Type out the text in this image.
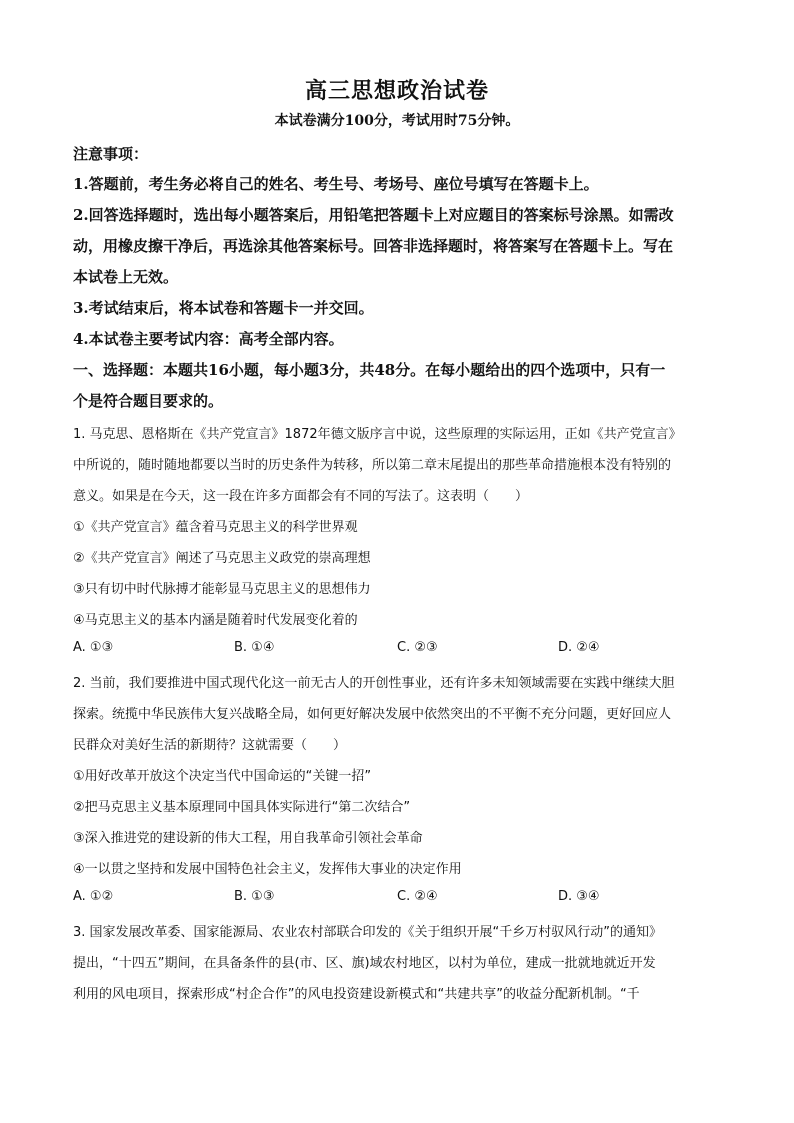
高三思想政治试卷
本试卷满分100分，考试用时75分钟。
注意事项：
1.答题前，考生务必将自己的姓名、考生号、考场号、座位号填写在答题卡上。
2.回答选择题时，选出每小题答案后，用铅笔把答题卡上对应题目的答案标号涂黑。如需改
动，用橡皮擦干净后，再选涂其他答案标号。回答非选择题时，将答案写在答题卡上。写在
本试卷上无效。
3.考试结束后，将本试卷和答题卡一并交回。
4.本试卷主要考试内容：高考全部内容。
一、选择题：本题共16小题，每小题3分，共48分。在每小题给出的四个选项中，只有一
个是符合题目要求的。
1. 马克思、恩格斯在《共产党宣言》1872年德文版序言中说，这些原理的实际运用，正如《共产党宣言》
中所说的，随时随地都要以当时的历史条件为转移，所以第二章末尾提出的那些革命措施根本没有特别的
意义。如果是在今天，这一段在许多方面都会有不同的写法了。这表明（　　）
①《共产党宣言》蕴含着马克思主义的科学世界观
②《共产党宣言》阐述了马克思主义政党的崇高理想
③只有切中时代脉搏才能彰显马克思主义的思想伟力
④马克思主义的基本内涵是随着时代发展变化着的
A. ①③	B. ①④	C. ②③	D. ②④
2. 当前，我们要推进中国式现代化这一前无古人的开创性事业，还有许多未知领域需要在实践中继续大胆
探索。统揽中华民族伟大复兴战略全局，如何更好解决发展中依然突出的不平衡不充分问题，更好回应人
民群众对美好生活的新期待？这就需要（　　）
①用好改革开放这个决定当代中国命运的“关键一招”
②把马克思主义基本原理同中国具体实际进行“第二次结合”
③深入推进党的建设新的伟大工程，用自我革命引领社会革命
④一以贯之坚持和发展中国特色社会主义，发挥伟大事业的决定作用
A. ①②	B. ①③	C. ②④	D. ③④
3. 国家发展改革委、国家能源局、农业农村部联合印发的《关于组织开展“千乡万村驭风行动”的通知》
提出，“十四五”期间，在具备条件的县(市、区、旗)域农村地区，以村为单位，建成一批就地就近开发
利用的风电项目，探索形成“村企合作”的风电投资建设新模式和“共建共享”的收益分配新机制。“千
